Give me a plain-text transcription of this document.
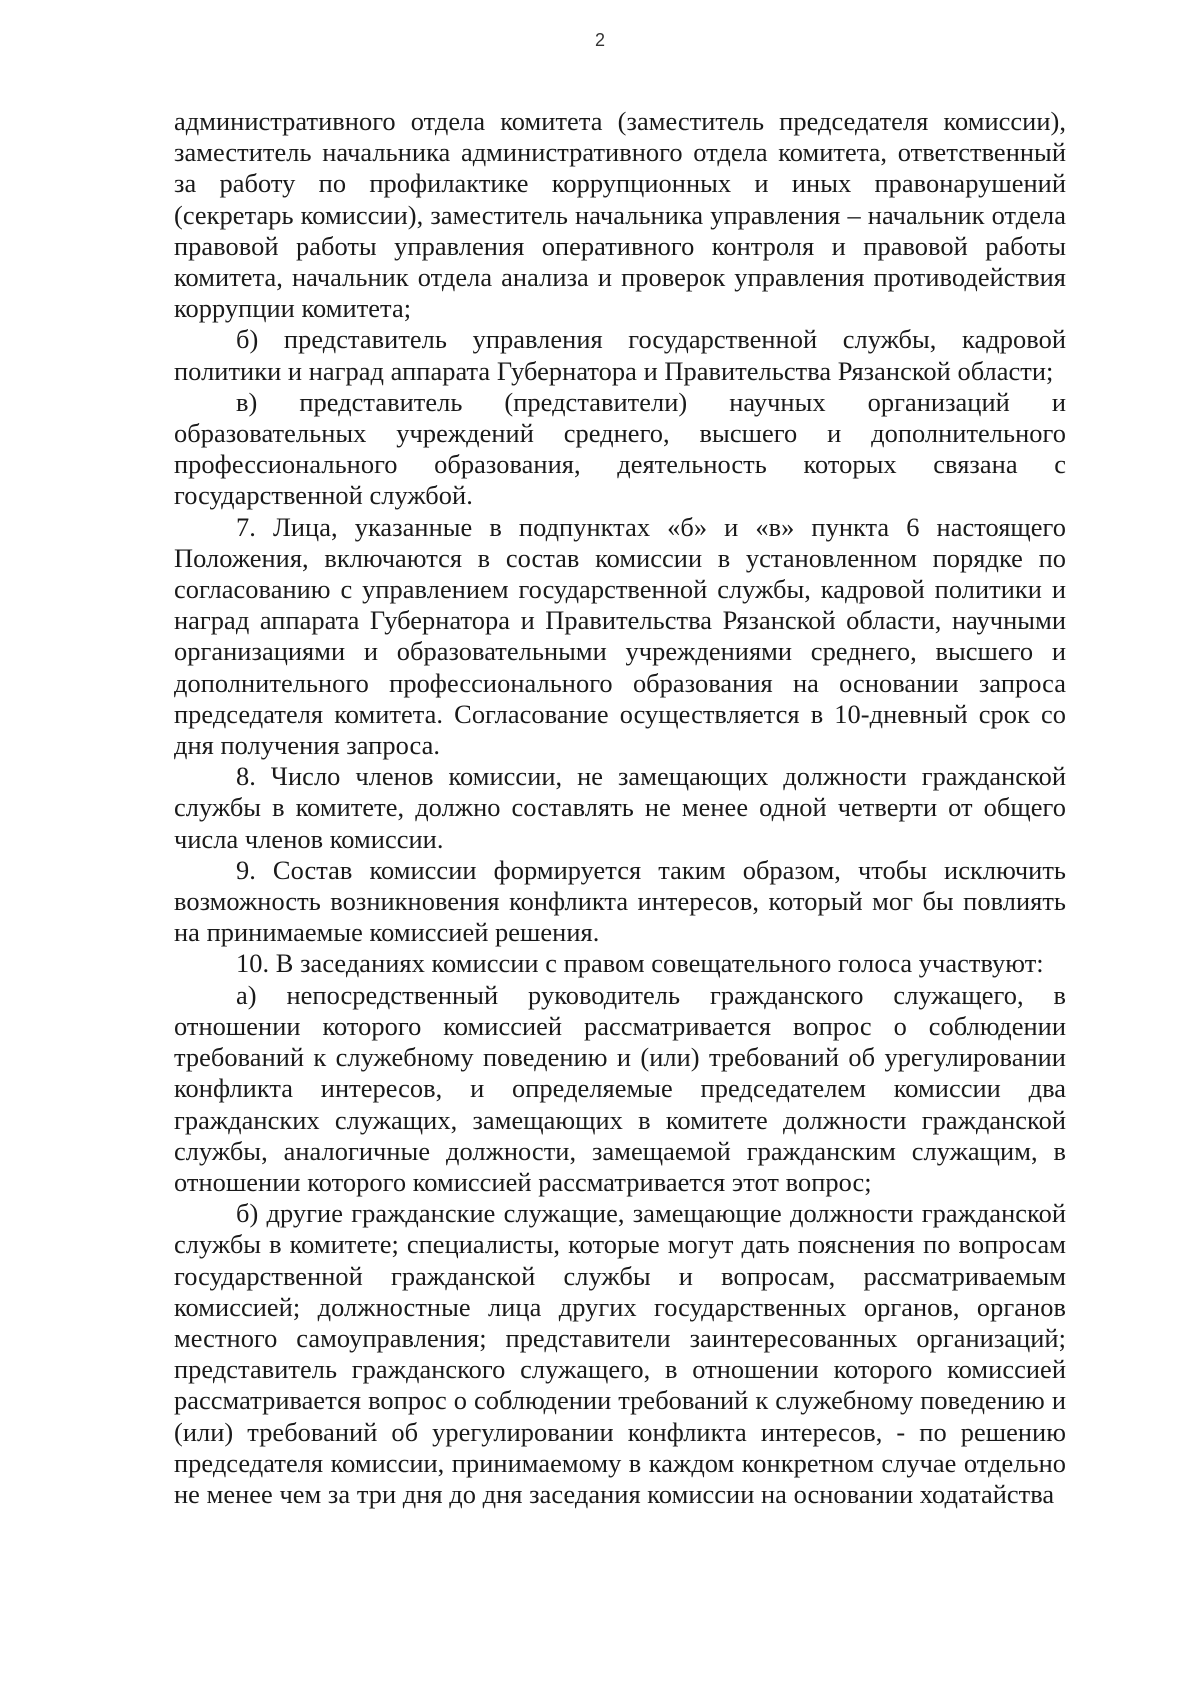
2

административного отдела комитета (заместитель председателя комиссии), заместитель начальника административного отдела комитета, ответственный за работу по профилактике коррупционных и иных правонарушений (секретарь комиссии), заместитель начальника управления – начальник отдела правовой работы управления оперативного контроля и правовой работы комитета, начальник отдела анализа и проверок управления противодействия коррупции комитета;

б) представитель управления государственной службы, кадровой политики и наград аппарата Губернатора и Правительства Рязанской области;

в) представитель (представители) научных организаций и образовательных учреждений среднего, высшего и дополнительного профессионального образования, деятельность которых связана с государственной службой.

7. Лица, указанные в подпунктах «б» и «в» пункта 6 настоящего Положения, включаются в состав комиссии в установленном порядке по согласованию с управлением государственной службы, кадровой политики и наград аппарата Губернатора и Правительства Рязанской области, научными организациями и образовательными учреждениями среднего, высшего и дополнительного профессионального образования на основании запроса председателя комитета. Согласование осуществляется в 10-дневный срок со дня получения запроса.

8. Число членов комиссии, не замещающих должности гражданской службы в комитете, должно составлять не менее одной четверти от общего числа членов комиссии.

9. Состав комиссии формируется таким образом, чтобы исключить возможность возникновения конфликта интересов, который мог бы повлиять на принимаемые комиссией решения.

10. В заседаниях комиссии с правом совещательного голоса участвуют:

а) непосредственный руководитель гражданского служащего, в отношении которого комиссией рассматривается вопрос о соблюдении требований к служебному поведению и (или) требований об урегулировании конфликта интересов, и определяемые председателем комиссии два гражданских служащих, замещающих в комитете должности гражданской службы, аналогичные должности, замещаемой гражданским служащим, в отношении которого комиссией рассматривается этот вопрос;

б) другие гражданские служащие, замещающие должности гражданской службы в комитете; специалисты, которые могут дать пояснения по вопросам государственной гражданской службы и вопросам, рассматриваемым комиссией; должностные лица других государственных органов, органов местного самоуправления; представители заинтересованных организаций; представитель гражданского служащего, в отношении которого комиссией рассматривается вопрос о соблюдении требований к служебному поведению и (или) требований об урегулировании конфликта интересов, - по решению председателя комиссии, принимаемому в каждом конкретном случае отдельно не менее чем за три дня до дня заседания комиссии на основании ходатайства
